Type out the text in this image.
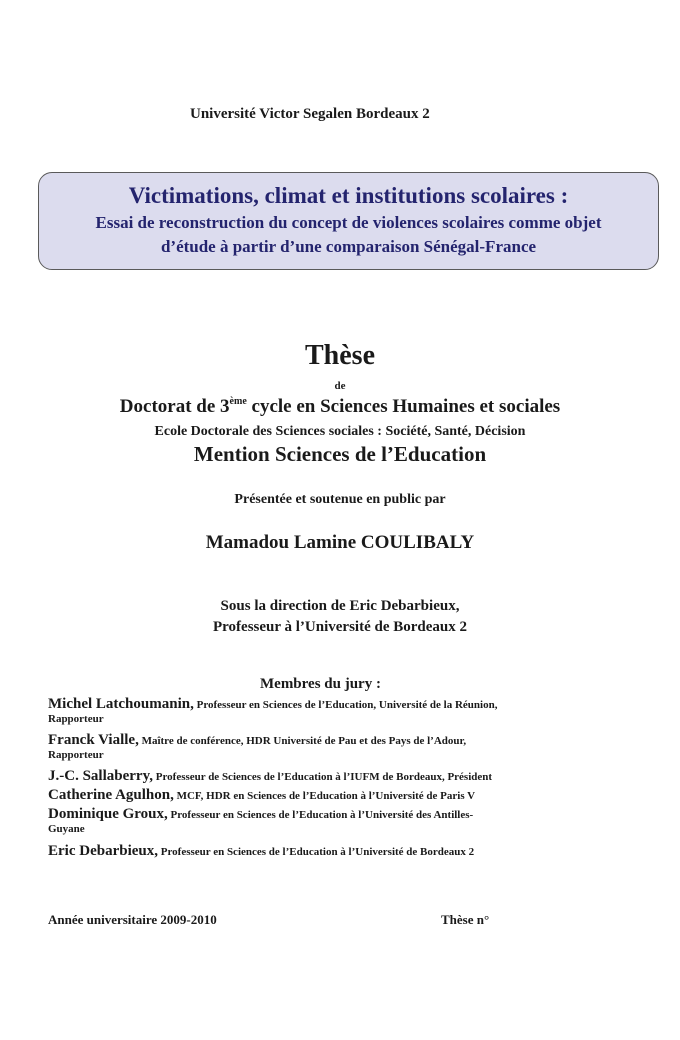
Université Victor Segalen Bordeaux 2
Victimations, climat et institutions scolaires :
Essai de reconstruction du concept de violences scolaires comme objet
d’étude à partir d’une comparaison Sénégal-France
Thèse
de
Doctorat de 3ème cycle en Sciences Humaines et sociales
Ecole Doctorale des Sciences sociales : Société, Santé, Décision
Mention Sciences de l’Education
Présentée et soutenue en public par
Mamadou Lamine COULIBALY
Sous la direction de Eric Debarbieux,
Professeur à l’Université de Bordeaux 2
Membres du jury :
Michel Latchoumanin, Professeur en Sciences de l’Education, Université de la Réunion,
Rapporteur
Franck Vialle, Maître de conférence, HDR Université de Pau et des Pays de l’Adour,
Rapporteur
J.-C. Sallaberry, Professeur de Sciences de l’Education à l’IUFM de Bordeaux, Président
Catherine Agulhon, MCF, HDR en Sciences de l’Education à l’Université de Paris V
Dominique Groux, Professeur en Sciences de l’Education à l’Université des Antilles-
Guyane
Eric Debarbieux, Professeur en Sciences de l’Education à l’Université de Bordeaux 2
Année universitaire 2009-2010	Thèse n°
